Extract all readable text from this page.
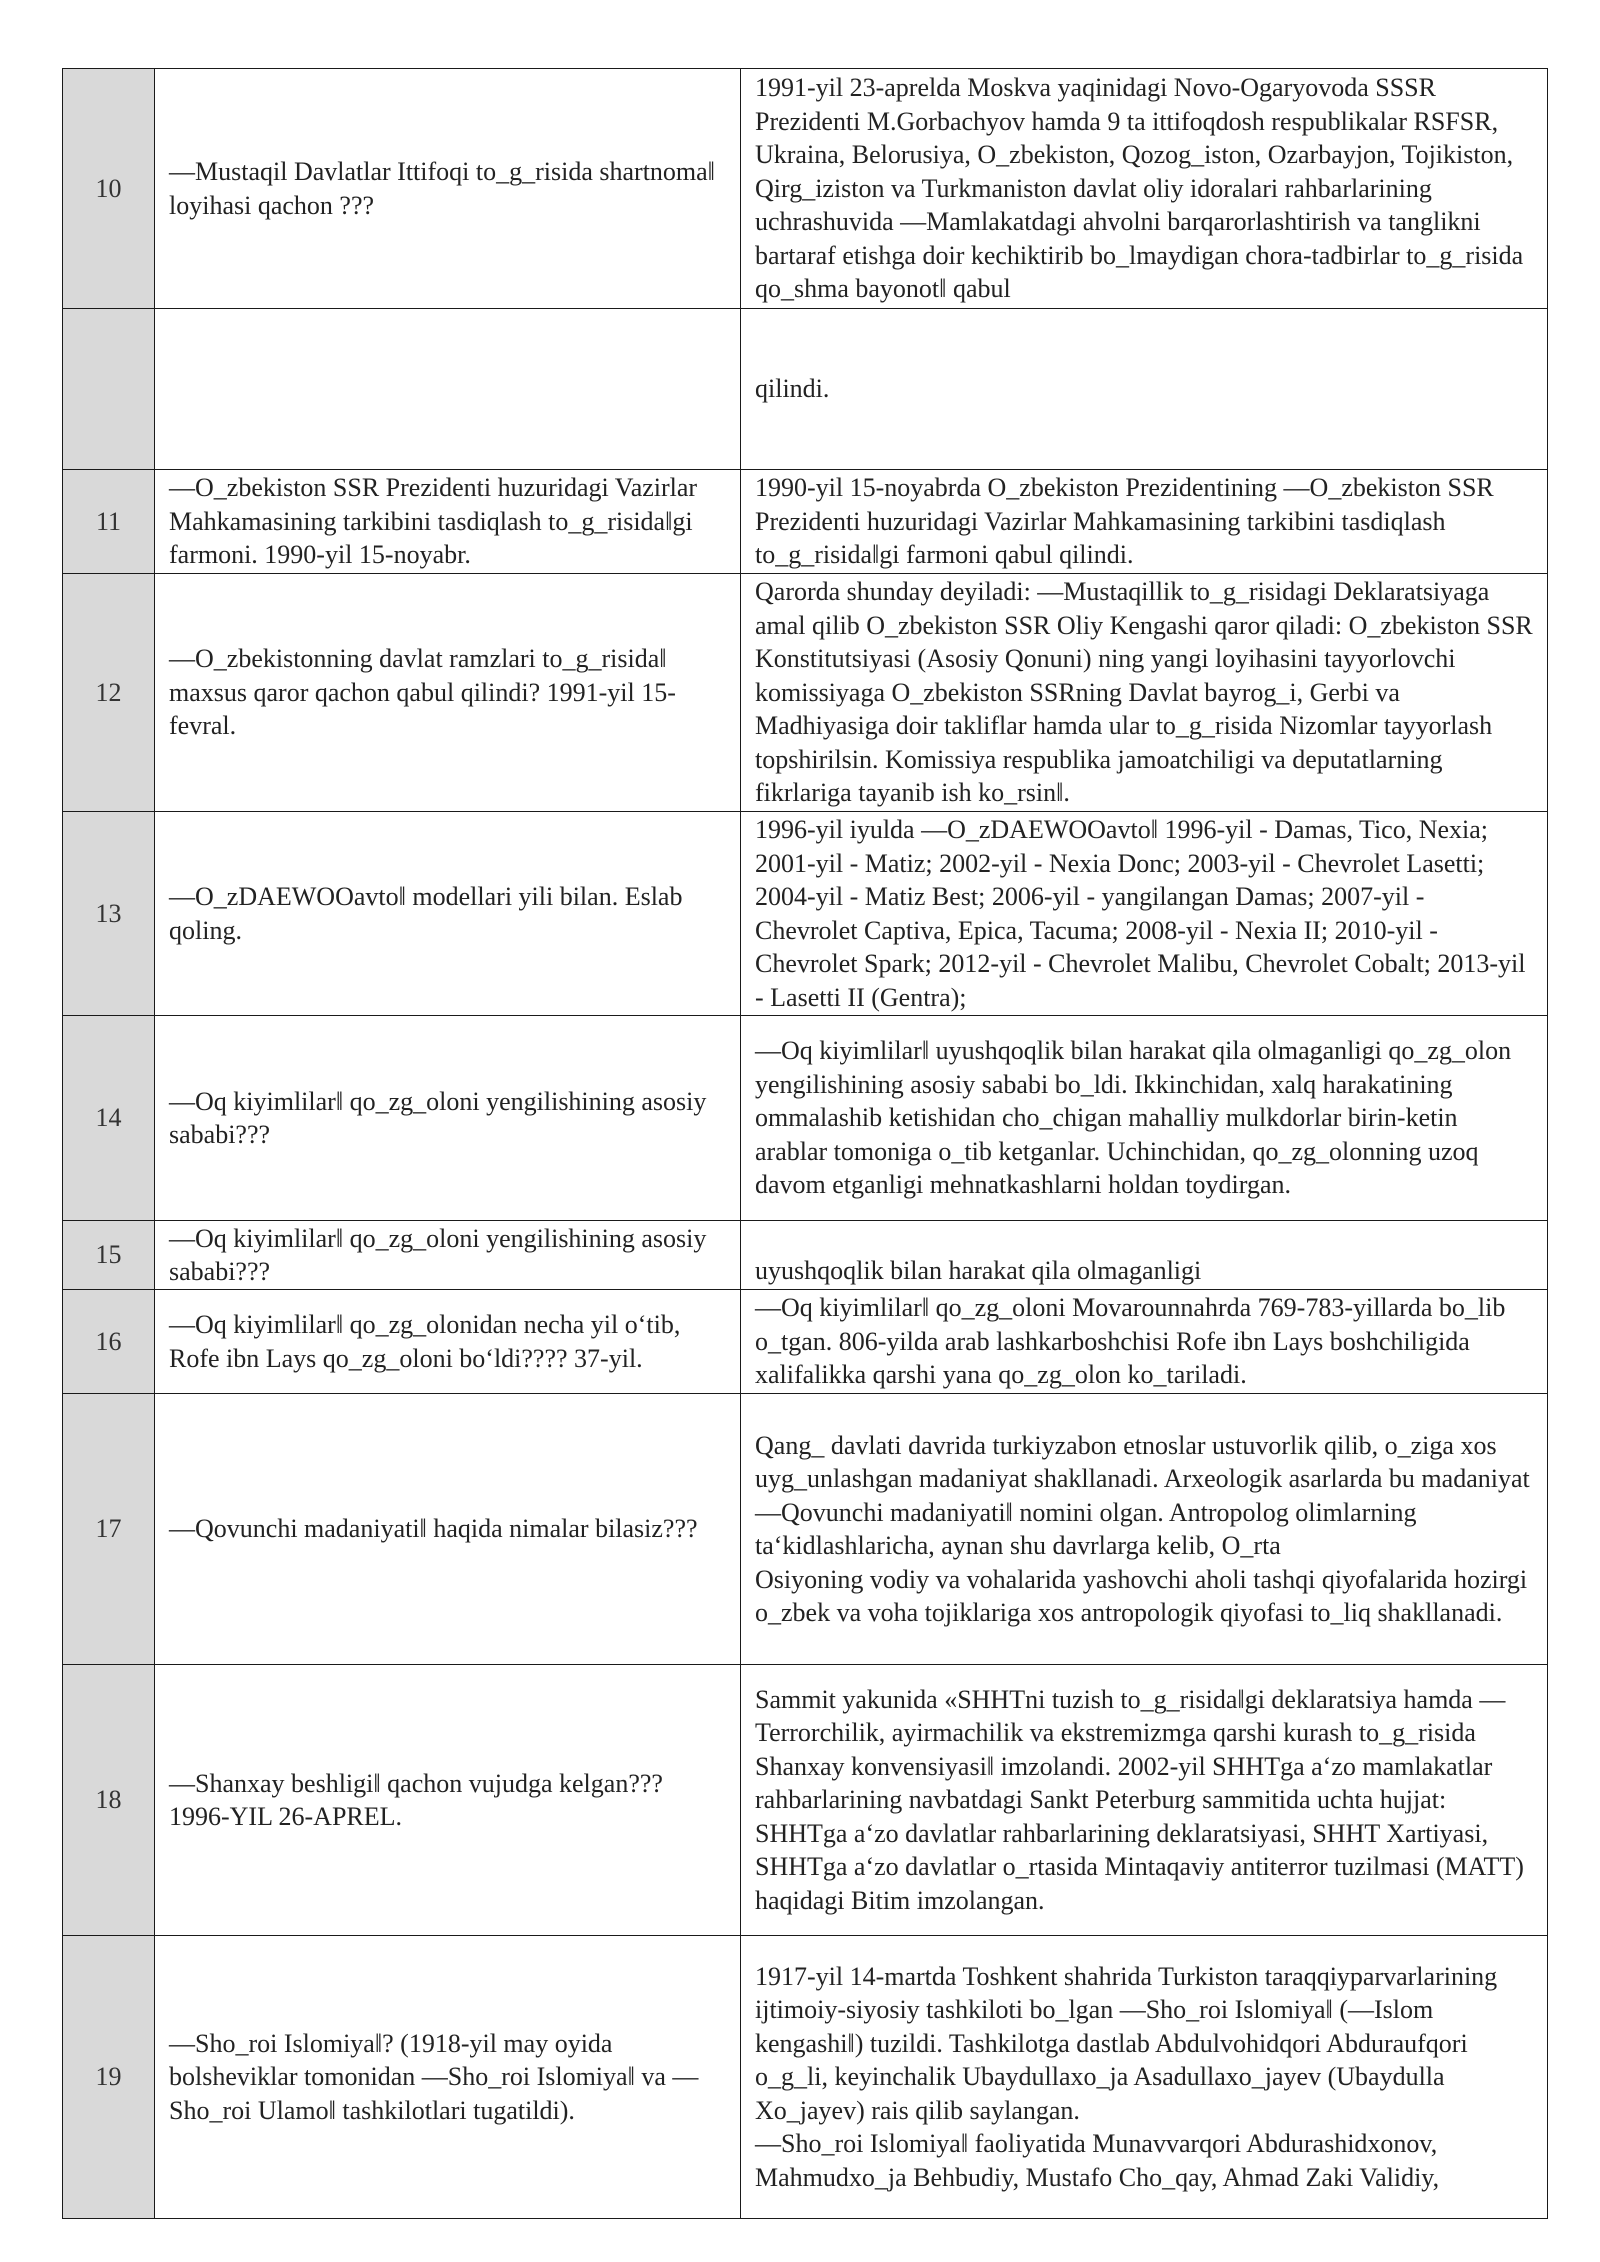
10	—Mustaqil Davlatlar Ittifoqi to_g_risida shartnoma‖ loyihasi qachon ???	1991-yil 23-aprelda Moskva yaqinidagi Novo-Ogaryovoda SSSR Prezidenti M.Gorbachyov hamda 9 ta ittifoqdosh respublikalar RSFSR, Ukraina, Belorusiya, O_zbekiston, Qozog_iston, Ozarbayjon, Tojikiston, Qirg_iziston va Turkmaniston davlat oliy idoralari rahbarlarining uchrashuvida —Mamlakatdagi ahvolni barqarorlashtirish va tanglikni bartaraf etishga doir kechiktirib bo_lmaydigan chora-tadbirlar to_g_risida qo_shma bayonot‖ qabul
		qilindi.
11	—O_zbekiston SSR Prezidenti huzuridagi Vazirlar Mahkamasining tarkibini tasdiqlash to_g_risida‖gi farmoni. 1990-yil 15-noyabr.	1990-yil 15-noyabrda O_zbekiston Prezidentining —O_zbekiston SSR Prezidenti huzuridagi Vazirlar Mahkamasining tarkibini tasdiqlash to_g_risida‖gi farmoni qabul qilindi.
12	—O_zbekistonning davlat ramzlari to_g_risida‖ maxsus qaror qachon qabul qilindi? 1991-yil 15-fevral.	Qarorda shunday deyiladi: —Mustaqillik to_g_risidagi Deklaratsiyaga amal qilib O_zbekiston SSR Oliy Kengashi qaror qiladi: O_zbekiston SSR Konstitutsiyasi (Asosiy Qonuni) ning yangi loyihasini tayyorlovchi komissiyaga O_zbekiston SSRning Davlat bayrog_i, Gerbi va Madhiyasiga doir takliflar hamda ular to_g_risida Nizomlar tayyorlash topshirilsin. Komissiya respublika jamoatchiligi va deputatlarning fikrlariga tayanib ish ko_rsin‖.
13	—O_zDAEWOOavto‖ modellari yili bilan. Eslab qoling.	1996-yil iyulda —O_zDAEWOOavto‖ 1996-yil - Damas, Tico, Nexia; 2001-yil - Matiz; 2002-yil - Nexia Donc; 2003-yil - Chevrolet Lasetti; 2004-yil - Matiz Best; 2006-yil - yangilangan Damas; 2007-yil - Chevrolet Captiva, Epica, Tacuma; 2008-yil - Nexia II; 2010-yil - Chevrolet Spark; 2012-yil - Chevrolet Malibu, Chevrolet Cobalt; 2013-yil - Lasetti II (Gentra);
14	—Oq kiyimlilar‖ qo_zg_oloni yengilishining asosiy sababi???	—Oq kiyimlilar‖ uyushqoqlik bilan harakat qila olmaganligi qo_zg_olon yengilishining asosiy sababi bo_ldi. Ikkinchidan, xalq harakatining ommalashib ketishidan cho_chigan mahalliy mulkdorlar birin-ketin arablar tomoniga o_tib ketganlar. Uchinchidan, qo_zg_olonning uzoq davom etganligi mehnatkashlarni holdan toydirgan.
15	—Oq kiyimlilar‖ qo_zg_oloni yengilishining asosiy sababi???	uyushqoqlik bilan harakat qila olmaganligi
16	—Oq kiyimlilar‖ qo_zg_olonidan necha yil o‘tib, Rofe ibn Lays qo_zg_oloni bo‘ldi???? 37-yil.	—Oq kiyimlilar‖ qo_zg_oloni Movarounnahrda 769-783-yillarda bo_lib o_tgan. 806-yilda arab lashkarboshchisi Rofe ibn Lays boshchiligida xalifalikka qarshi yana qo_zg_olon ko_tariladi.
17	—Qovunchi madaniyati‖ haqida nimalar bilasiz???	Qang_ davlati davrida turkiyzabon etnoslar ustuvorlik qilib, o_ziga xos uyg_unlashgan madaniyat shakllanadi. Arxeologik asarlarda bu madaniyat —Qovunchi madaniyati‖ nomini olgan. Antropolog olimlarning ta‘kidlashlaricha, aynan shu davrlarga kelib, O_rta
Osiyoning vodiy va vohalarida yashovchi aholi tashqi qiyofalarida hozirgi o_zbek va voha tojiklariga xos antropologik qiyofasi to_liq shakllanadi.

18	—Shanxay beshligi‖ qachon vujudga kelgan??? 1996-YIL 26-APREL.	Sammit yakunida «SHHTni tuzish to_g_risida‖gi deklaratsiya hamda —Terrorchilik, ayirmachilik va ekstremizmga qarshi kurash to_g_risida Shanxay konvensiyasi‖ imzolandi. 2002-yil SHHTga a‘zo mamlakatlar rahbarlarining navbatdagi Sankt Peterburg sammitida uchta hujjat: SHHTga a‘zo davlatlar rahbarlarining deklaratsiyasi, SHHT Xartiyasi, SHHTga a‘zo davlatlar o_rtasida Mintaqaviy antiterror tuzilmasi (MATT) haqidagi Bitim imzolangan.
19	—Sho_roi Islomiya‖? (1918-yil may oyida bolsheviklar tomonidan —Sho_roi Islomiya‖ va —Sho_roi Ulamo‖ tashkilotlari tugatildi).	1917-yil 14-martda Toshkent shahrida Turkiston taraqqiyparvarlarining ijtimoiy-siyosiy tashkiloti bo_lgan —Sho_roi Islomiya‖ (—Islom kengashi‖) tuzildi. Tashkilotga dastlab Abdulvohidqori Abduraufqori o_g_li, keyinchalik Ubaydullaxo_ja Asadullaxo_jayev (Ubaydulla Xo_jayev) rais qilib saylangan.
—Sho_roi Islomiya‖ faoliyatida Munavvarqori Abdurashidxonov, Mahmudxo_ja Behbudiy, Mustafo Cho_qay, Ahmad Zaki Validiy,
